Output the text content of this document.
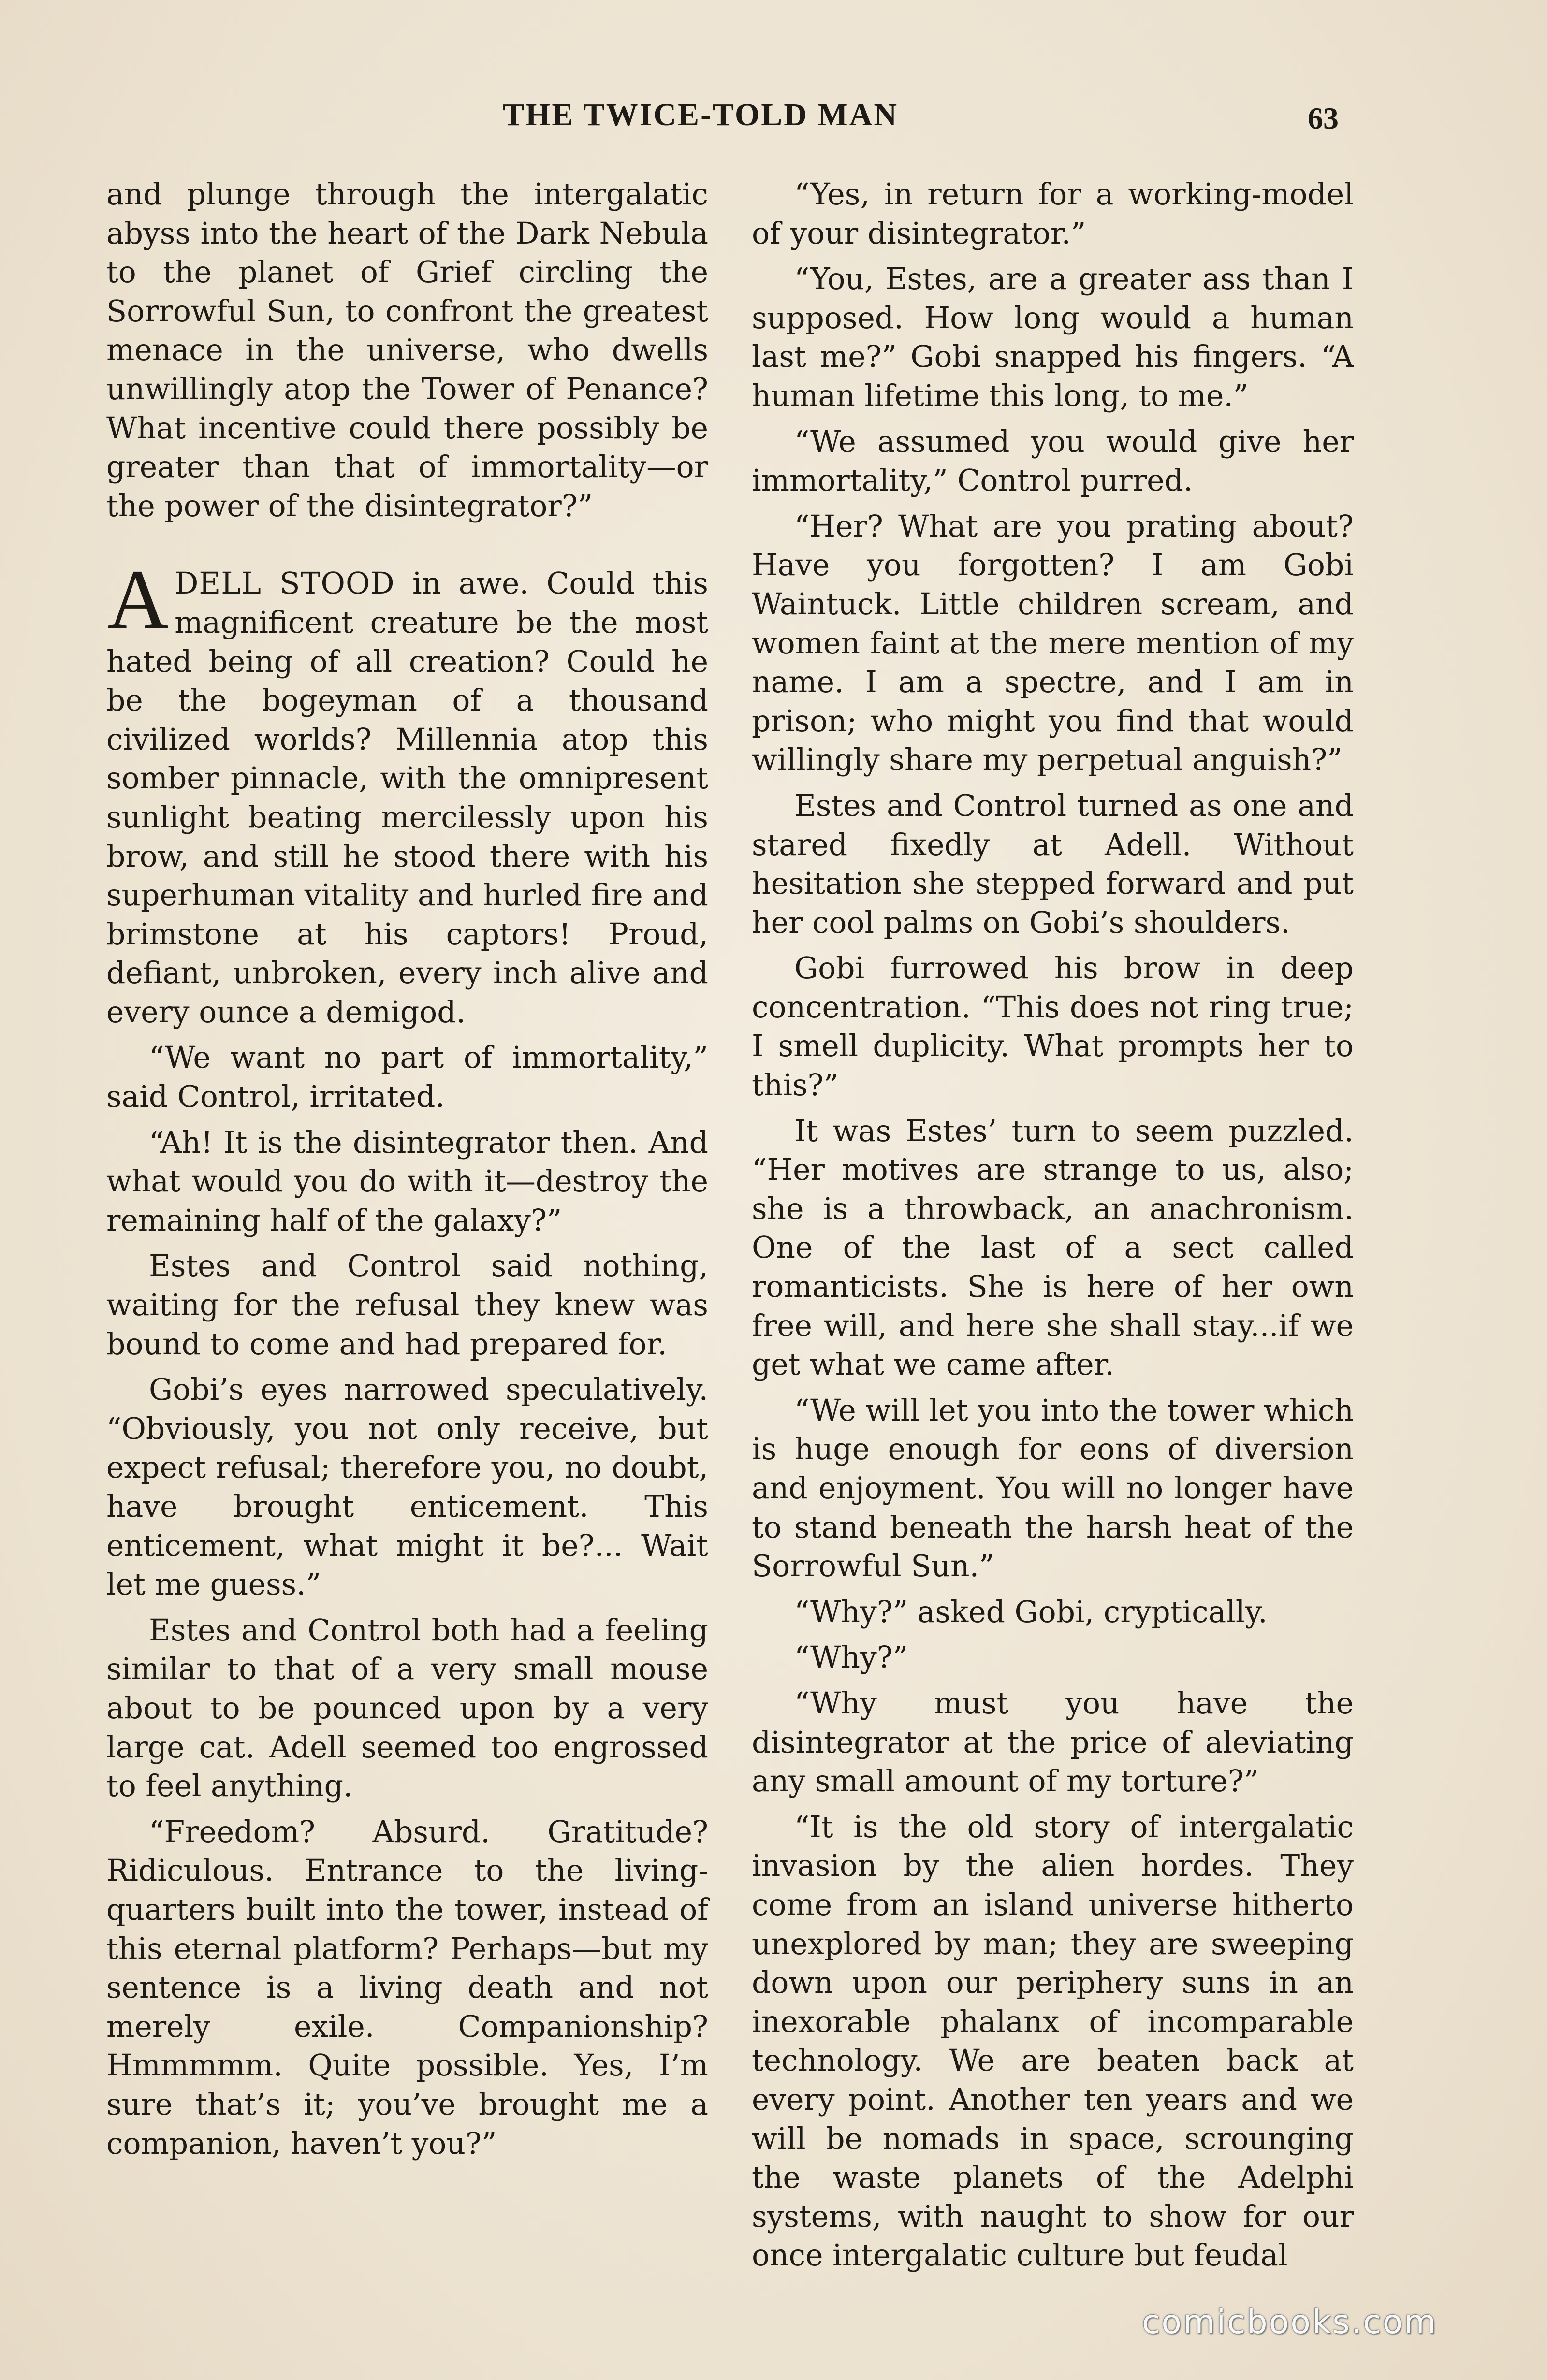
THE TWICE-TOLD MAN	63

and plunge through the intergalatic abyss into the heart of the Dark Nebula to the planet of Grief circling the Sorrowful Sun, to confront the greatest menace in the universe, who dwells unwillingly atop the Tower of Penance? What incentive could there possibly be greater than that of immortality—or the power of the disintegrator?”

ADELL STOOD in awe. Could this magnificent creature be the most hated being of all creation? Could he be the bogeyman of a thousand civilized worlds? Millennia atop this somber pinnacle, with the omnipresent sunlight beating mercilessly upon his brow, and still he stood there with his superhuman vitality and hurled fire and brimstone at his captors! Proud, defiant, unbroken, every inch alive and every ounce a demigod.

“We want no part of immortality,” said Control, irritated.

“Ah! It is the disintegrator then. And what would you do with it—destroy the remaining half of the galaxy?”

Estes and Control said nothing, waiting for the refusal they knew was bound to come and had prepared for.

Gobi’s eyes narrowed speculatively. “Obviously, you not only receive, but expect refusal; therefore you, no doubt, have brought enticement. This enticement, what might it be?... Wait let me guess.”

Estes and Control both had a feeling similar to that of a very small mouse about to be pounced upon by a very large cat. Adell seemed too engrossed to feel anything.

“Freedom? Absurd. Gratitude? Ridiculous. Entrance to the living-quarters built into the tower, instead of this eternal platform? Perhaps—but my sentence is a living death and not merely exile. Companionship? Hmmmmm. Quite possible. Yes, I’m sure that’s it; you’ve brought me a companion, haven’t you?”

“Yes, in return for a working-model of your disintegrator.”

“You, Estes, are a greater ass than I supposed. How long would a human last me?” Gobi snapped his fingers. “A human lifetime this long, to me.”

“We assumed you would give her immortality,” Control purred.

“Her? What are you prating about? Have you forgotten? I am Gobi Waintuck. Little children scream, and women faint at the mere mention of my name. I am a spectre, and I am in prison; who might you find that would willingly share my perpetual anguish?”

Estes and Control turned as one and stared fixedly at Adell. Without hesitation she stepped forward and put her cool palms on Gobi’s shoulders.

Gobi furrowed his brow in deep concentration. “This does not ring true; I smell duplicity. What prompts her to this?”

It was Estes’ turn to seem puzzled. “Her motives are strange to us, also; she is a throwback, an anachronism. One of the last of a sect called romanticists. She is here of her own free will, and here she shall stay...if we get what we came after.

“We will let you into the tower which is huge enough for eons of diversion and enjoyment. You will no longer have to stand beneath the harsh heat of the Sorrowful Sun.”

“Why?” asked Gobi, cryptically.

“Why?”

“Why must you have the disintegrator at the price of aleviating any small amount of my torture?”

“It is the old story of intergalatic invasion by the alien hordes. They come from an island universe hitherto unexplored by man; they are sweeping down upon our periphery suns in an inexorable phalanx of incomparable technology. We are beaten back at every point. Another ten years and we will be nomads in space, scrounging the waste planets of the Adelphi systems, with naught to show for our once intergalatic culture but feudal

comicbooks.com
